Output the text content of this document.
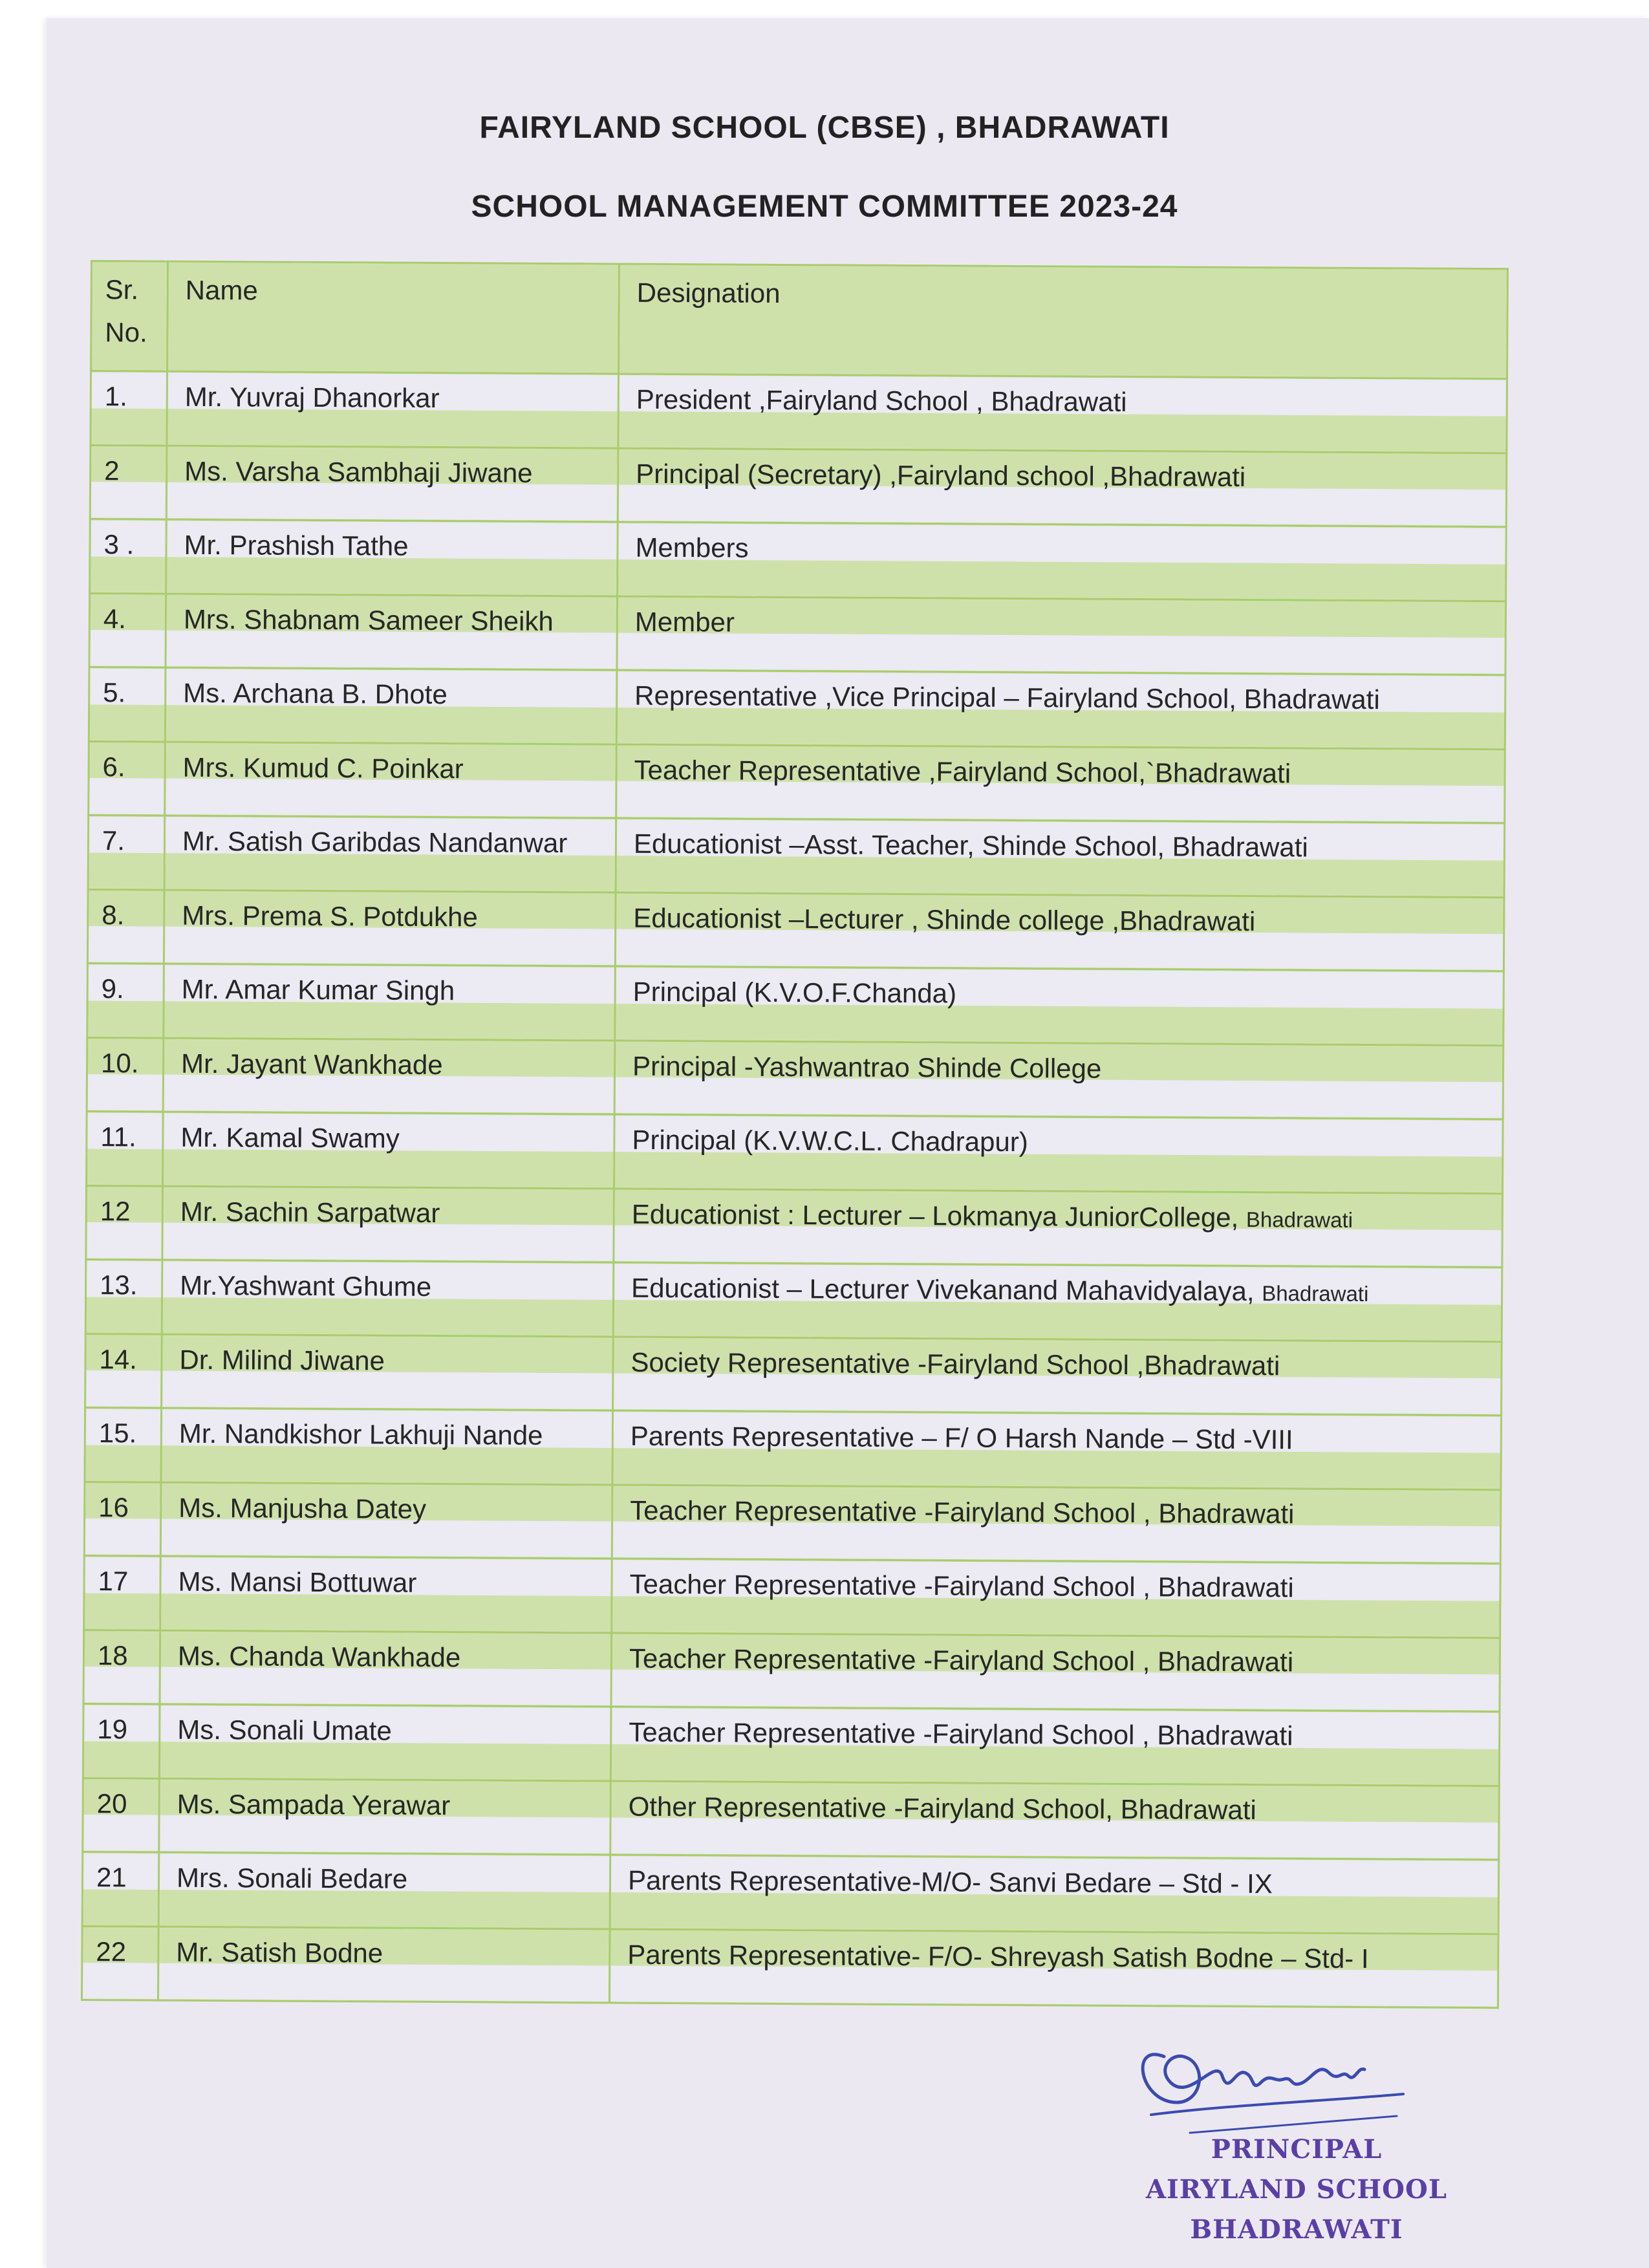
FAIRYLAND SCHOOL (CBSE) , BHADRAWATI
SCHOOL MANAGEMENT COMMITTEE 2023-24
Sr.
No.	Name	Designation
1.	Mr. Yuvraj Dhanorkar	President ,Fairyland School , Bhadrawati
2	Ms. Varsha Sambhaji Jiwane	Principal (Secretary) ,Fairyland school ,Bhadrawati
3 .	Mr. Prashish Tathe	Members
4.	Mrs. Shabnam Sameer Sheikh	Member
5.	Ms. Archana B. Dhote	Representative ,Vice Principal – Fairyland School, Bhadrawati
6.	Mrs. Kumud C. Poinkar	Teacher Representative ,Fairyland School,`Bhadrawati
7.	Mr. Satish Garibdas Nandanwar	Educationist –Asst. Teacher, Shinde School, Bhadrawati
8.	Mrs. Prema S. Potdukhe	Educationist –Lecturer , Shinde college ,Bhadrawati
9.	Mr. Amar Kumar Singh	Principal (K.V.O.F.Chanda)
10.	Mr. Jayant Wankhade	Principal -Yashwantrao Shinde College
11.	Mr. Kamal Swamy	Principal (K.V.W.C.L. Chadrapur)
12	Mr. Sachin Sarpatwar	Educationist : Lecturer – Lokmanya JuniorCollege, Bhadrawati
13.	Mr.Yashwant Ghume	Educationist – Lecturer Vivekanand Mahavidyalaya, Bhadrawati
14.	Dr. Milind Jiwane	Society Representative -Fairyland School ,Bhadrawati
15.	Mr. Nandkishor Lakhuji Nande	Parents Representative – F/ O Harsh Nande – Std -VIII
16	Ms. Manjusha Datey	Teacher Representative -Fairyland School , Bhadrawati
17	Ms. Mansi Bottuwar	Teacher Representative -Fairyland School , Bhadrawati
18	Ms. Chanda Wankhade	Teacher Representative -Fairyland School , Bhadrawati
19	Ms. Sonali Umate	Teacher Representative -Fairyland School , Bhadrawati
20	Ms. Sampada Yerawar	Other Representative -Fairyland School, Bhadrawati
21	Mrs. Sonali Bedare	Parents Representative-M/O- Sanvi Bedare – Std - IX
22	Mr. Satish Bodne	Parents Representative- F/O- Shreyash Satish Bodne – Std- I
PRINCIPAL
AIRYLAND SCHOOL
BHADRAWATI
